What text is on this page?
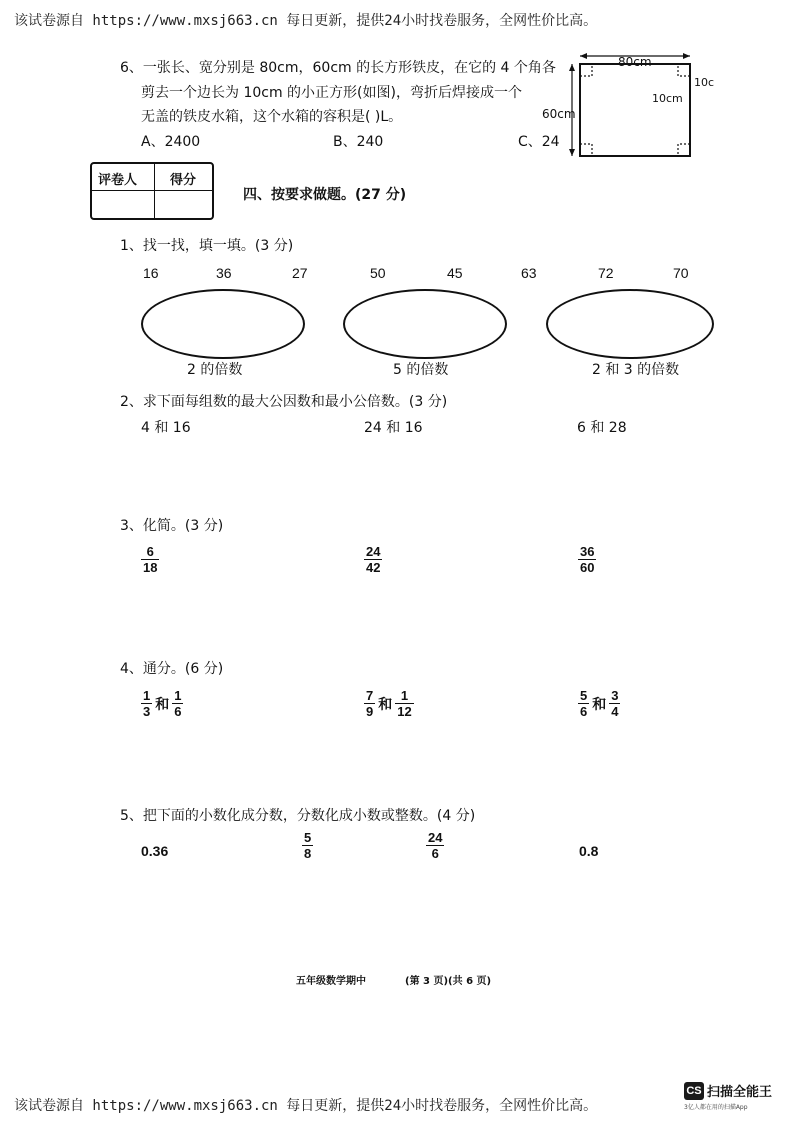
该试卷源自 https://www.mxsj663.cn 每日更新，提供24小时找卷服务，全网性价比高。
6、一张长、宽分别是 80cm，60cm 的长方形铁皮，在它的 4 个角各
剪去一个边长为 10cm 的小正方形(如图)，弯折后焊接成一个
无盖的铁皮水箱，这个水箱的容积是( )L。
A、2400	B、240	C、24
80cm
60cm
10cm
10c
评卷人	得分
四、按要求做题。(27 分)
1、找一找，填一填。(3 分)
16	36	27	50	45	63	72	70
2 的倍数	5 的倍数	2 和 3 的倍数
2、求下面每组数的最大公因数和最小公倍数。(3 分)
4 和 16	24 和 16	6 和 28
3、化简。(3 分)
$\frac{6}{18}$	$\frac{24}{42}$	$\frac{36}{60}$
4、通分。(6 分)
$\frac{1}{3}$ 和 $\frac{1}{6}$	$\frac{7}{9}$ 和 $\frac{1}{12}$	$\frac{5}{6}$ 和 $\frac{3}{4}$
5、把下面的小数化成分数，分数化成小数或整数。(4 分)
0.36	$\frac{5}{8}$	$\frac{24}{6}$	0.8
五年级数学期中	(第 3 页)(共 6 页)
该试卷源自 https://www.mxsj663.cn 每日更新，提供24小时找卷服务，全网性价比高。
CS 扫描全能王
3亿人都在用的扫描App
